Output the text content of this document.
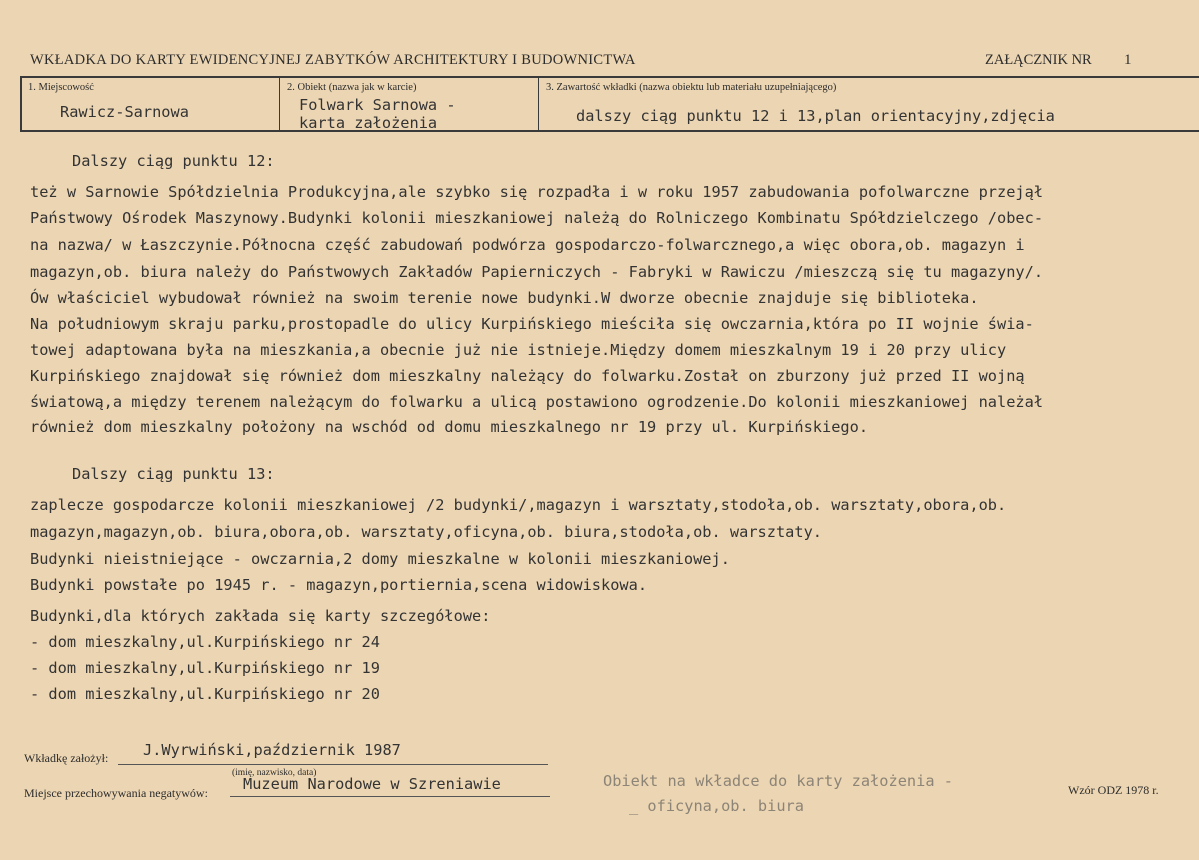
WKŁADKA DO KARTY EWIDENCYJNEJ ZABYTKÓW ARCHITEKTURY I BUDOWNICTWA	ZAŁĄCZNIK NR 1
1. Miejscowość
Rawicz-Sarnowa
2. Obiekt (nazwa jak w karcie)
Folwark Sarnowa -
karta założenia
3. Zawartość wkładki (nazwa obiektu lub materiału uzupełniającego)
dalszy ciąg punktu 12 i 13,plan orientacyjny,zdjęcia
Dalszy ciąg punktu 12:
też w Sarnowie Spółdzielnia Produkcyjna,ale szybko się rozpadła i w roku 1957 zabudowania pofolwarczne przejął
Państwowy Ośrodek Maszynowy.Budynki kolonii mieszkaniowej należą do Rolniczego Kombinatu Spółdzielczego /obec-
na nazwa/ w Łaszczynie.Północna część zabudowań podwórza gospodarczo-folwarcznego,a więc obora,ob. magazyn i
magazyn,ob. biura należy do Państwowych Zakładów Papierniczych - Fabryki w Rawiczu /mieszczą się tu magazyny/.
Ów właściciel wybudował również na swoim terenie nowe budynki.W dworze obecnie znajduje się biblioteka.
Na południowym skraju parku,prostopadle do ulicy Kurpińskiego mieściła się owczarnia,która po II wojnie świa-
towej adaptowana była na mieszkania,a obecnie już nie istnieje.Między domem mieszkalnym 19 i 20 przy ulicy
Kurpińskiego znajdował się również dom mieszkalny należący do folwarku.Został on zburzony już przed II wojną
światową,a między terenem należącym do folwarku a ulicą postawiono ogrodzenie.Do kolonii mieszkaniowej należał
również dom mieszkalny położony na wschód od domu mieszkalnego nr 19 przy ul. Kurpińskiego.
Dalszy ciąg punktu 13:
zaplecze gospodarcze kolonii mieszkaniowej /2 budynki/,magazyn i warsztaty,stodoła,ob. warsztaty,obora,ob.
magazyn,magazyn,ob. biura,obora,ob. warsztaty,oficyna,ob. biura,stodoła,ob. warsztaty.
Budynki nieistniejące - owczarnia,2 domy mieszkalne w kolonii mieszkaniowej.
Budynki powstałe po 1945 r. - magazyn,portiernia,scena widowiskowa.
Budynki,dla których zakłada się karty szczegółowe:
- dom mieszkalny,ul.Kurpińskiego nr 24
- dom mieszkalny,ul.Kurpińskiego nr 19
- dom mieszkalny,ul.Kurpińskiego nr 20
Wkładkę założył: J.Wyrwiński,październik 1987
(imię, nazwisko, data)
Miejsce przechowywania negatywów: Muzeum Narodowe w Szreniawie	Obiekt na wkładce do karty założenia -
_ oficyna,ob. biura
Wzór ODZ 1978 r.
